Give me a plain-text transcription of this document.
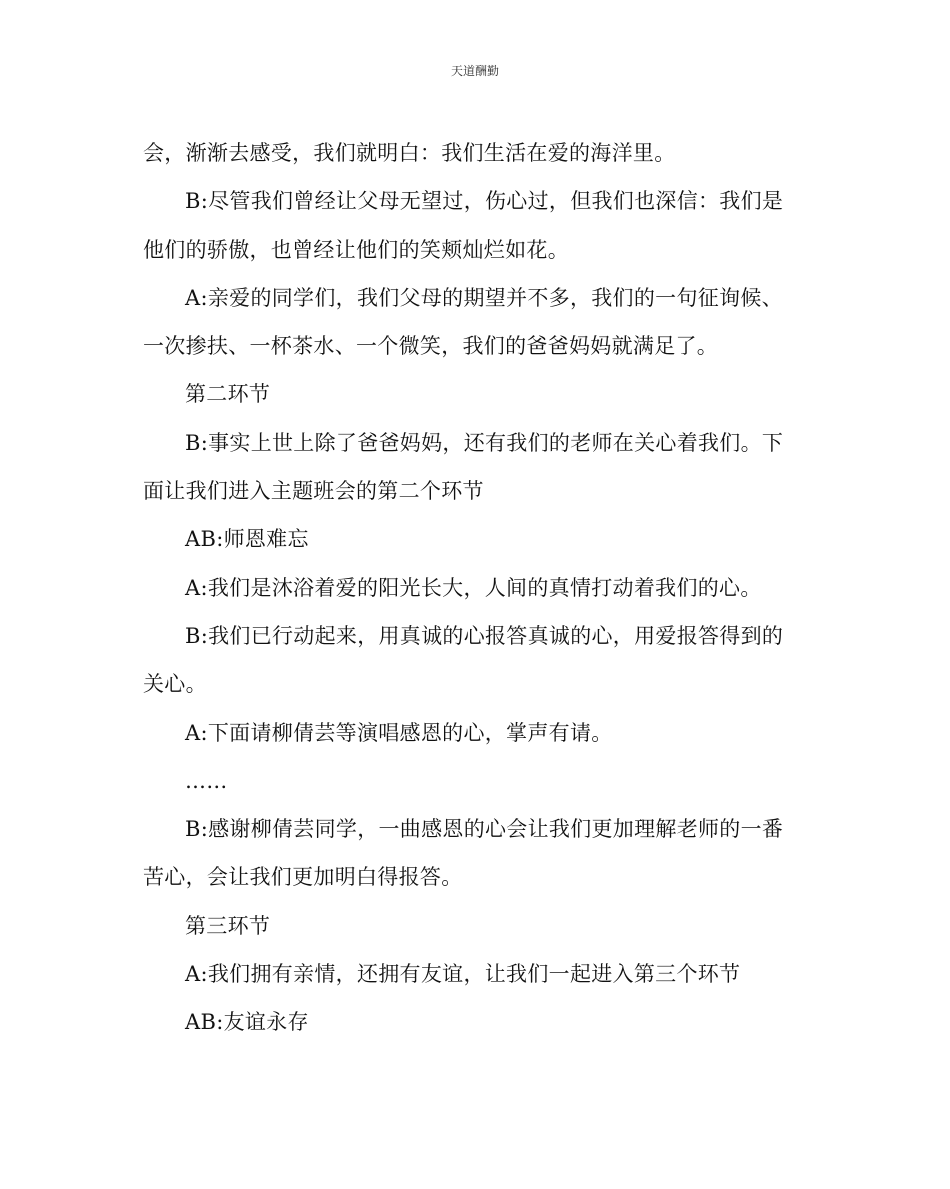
天道酬勤

会，渐渐去感受，我们就明白：我们生活在爱的海洋里。

B:尽管我们曾经让父母无望过，伤心过，但我们也深信：我们是

他们的骄傲，也曾经让他们的笑颊灿烂如花。

A:亲爱的同学们，我们父母的期望并不多，我们的一句征询候、

一次掺扶、一杯茶水、一个微笑，我们的爸爸妈妈就满足了。

第二环节

B:事实上世上除了爸爸妈妈，还有我们的老师在关心着我们。下

面让我们进入主题班会的第二个环节

AB:师恩难忘

A:我们是沐浴着爱的阳光长大，人间的真情打动着我们的心。

B:我们已行动起来，用真诚的心报答真诚的心，用爱报答得到的

关心。

A:下面请柳倩芸等演唱感恩的心，掌声有请。

……

B:感谢柳倩芸同学，一曲感恩的心会让我们更加理解老师的一番

苦心，会让我们更加明白得报答。

第三环节

A:我们拥有亲情，还拥有友谊，让我们一起进入第三个环节

AB:友谊永存
